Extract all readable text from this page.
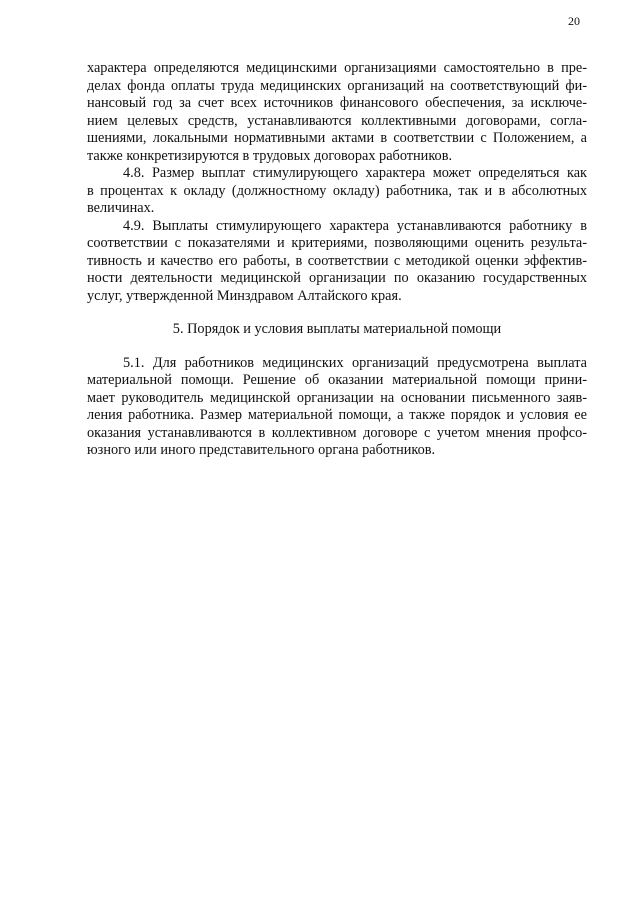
20
характера определяются медицинскими организациями самостоятельно в пре-
делах фонда оплаты труда медицинских организаций на соответствующий фи-
нансовый год за счет всех источников финансового обеспечения, за исключе-
нием целевых средств, устанавливаются коллективными договорами, согла-
шениями, локальными нормативными актами в соответствии с Положением, а
также конкретизируются в трудовых договорах работников.
4.8. Размер выплат стимулирующего характера может определяться как
в процентах к окладу (должностному окладу) работника, так и в абсолютных
величинах.
4.9. Выплаты стимулирующего характера устанавливаются работнику в
соответствии с показателями и критериями, позволяющими оценить результа-
тивность и качество его работы, в соответствии с методикой оценки эффектив-
ности деятельности медицинской организации по оказанию государственных
услуг, утвержденной Минздравом Алтайского края.
5. Порядок и условия выплаты материальной помощи
5.1. Для работников медицинских организаций предусмотрена выплата
материальной помощи. Решение об оказании материальной помощи прини-
мает руководитель медицинской организации на основании письменного заяв-
ления работника. Размер материальной помощи, а также порядок и условия ее
оказания устанавливаются в коллективном договоре с учетом мнения профсо-
юзного или иного представительного органа работников.
